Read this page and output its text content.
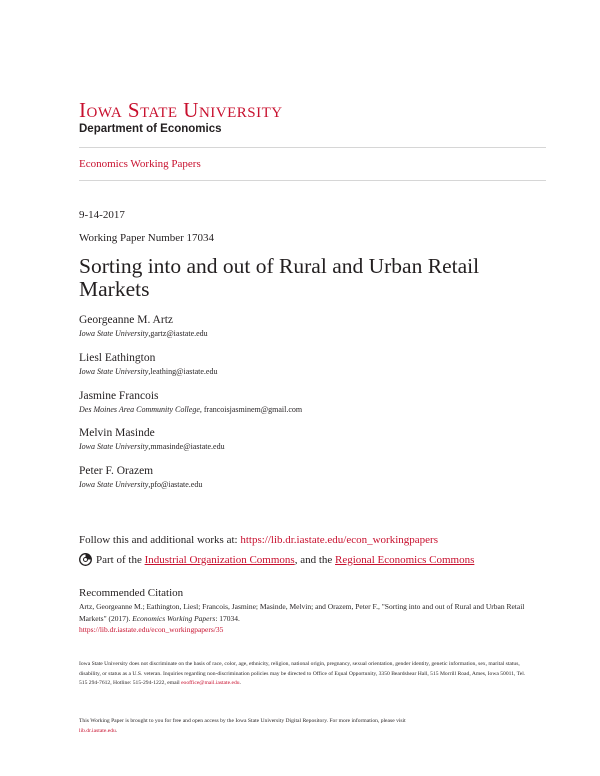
Iowa State University
Department of Economics
Economics Working Papers
9-14-2017
Working Paper Number 17034
Sorting into and out of Rural and Urban Retail Markets
Georgeanne M. Artz
Iowa State University,gartz@iastate.edu
Liesl Eathington
Iowa State University,leathing@iastate.edu
Jasmine Francois
Des Moines Area Community College, francoisjasminem@gmail.com
Melvin Masinde
Iowa State University,mmasinde@iastate.edu
Peter F. Orazem
Iowa State University,pfo@iastate.edu
Follow this and additional works at: https://lib.dr.iastate.edu/econ_workingpapers
Part of the
Industrial Organization Commons , and the
Regional Economics Commons
Recommended Citation
Artz, Georgeanne M.; Eathington, Liesl; Francois, Jasmine; Masinde, Melvin; and Orazem, Peter F., "Sorting into and out of Rural and Urban Retail Markets" (2017). Economics Working Papers: 17034.
https://lib.dr.iastate.edu/econ_workingpapers/35
Iowa State University does not discriminate on the basis of race, color, age, ethnicity, religion, national origin, pregnancy, sexual orientation, gender identity, genetic information, sex, marital status, disability, or status as a U.S. veteran. Inquiries regarding non-discrimination policies may be directed to Office of Equal Opportunity, 3350 Beardshear Hall, 515 Morrill Road, Ames, Iowa 50011, Tel. 515 294-7612, Hotline: 515-294-1222, email eooffice@mail.iastate.edu.
This Working Paper is brought to you for free and open access by the Iowa State University Digital Repository. For more information, please visit
lib.dr.iastate.edu.
